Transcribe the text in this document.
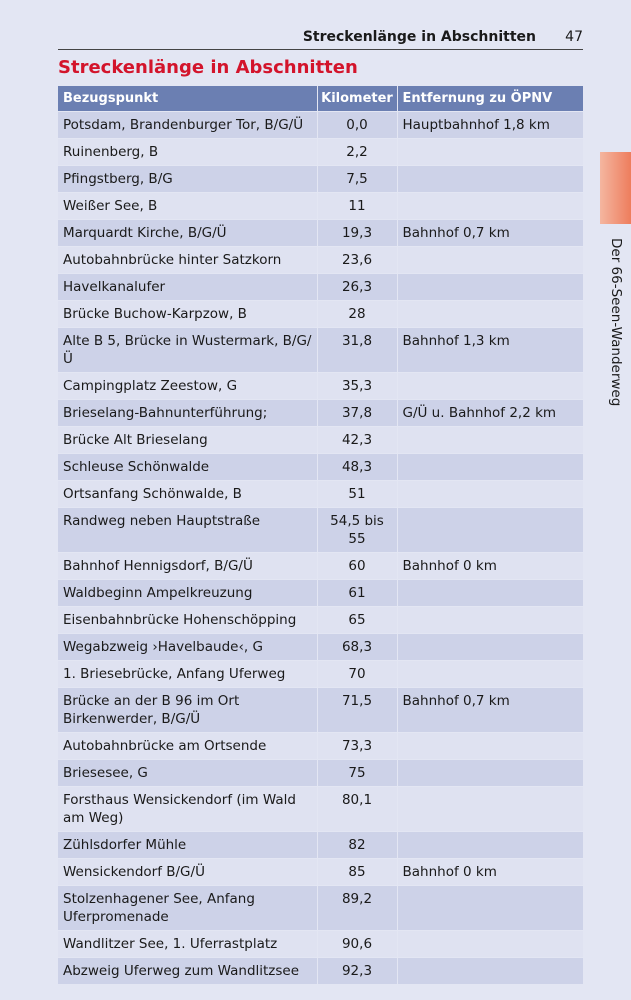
Streckenlänge in Abschnitten 47
Streckenlänge in Abschnitten
Bezugspunkt	Kilometer	Entfernung zu ÖPNV
Potsdam, Brandenburger Tor, B/G/Ü	0,0	Hauptbahnhof 1,8 km
Ruinenberg, B	2,2	
Pfingstberg, B/G	7,5	
Weißer See, B	11	
Marquardt Kirche, B/G/Ü	19,3	Bahnhof 0,7 km
Autobahnbrücke hinter Satzkorn	23,6	
Havelkanalufer	26,3	
Brücke Buchow-Karpzow, B	28	
Alte B 5, Brücke in Wustermark, B/G/Ü	31,8	Bahnhof 1,3 km
Campingplatz Zeestow, G	35,3	
Brieselang-Bahnunterführung;	37,8	G/Ü u. Bahnhof 2,2 km
Brücke Alt Brieselang	42,3	
Schleuse Schönwalde	48,3	
Ortsanfang Schönwalde, B	51	
Randweg neben Hauptstraße	54,5 bis 55	
Bahnhof Hennigsdorf, B/G/Ü	60	Bahnhof 0 km
Waldbeginn Ampelkreuzung	61	
Eisenbahnbrücke Hohenschöpping	65	
Wegabzweig ›Havelbaude‹, G	68,3	
1. Briesebrücke, Anfang Uferweg	70	
Brücke an der B 96 im Ort Birkenwerder, B/G/Ü	71,5	Bahnhof 0,7 km
Autobahnbrücke am Ortsende	73,3	
Briesesee, G	75	
Forsthaus Wensickendorf (im Wald am Weg)	80,1	
Zühlsdorfer Mühle	82	
Wensickendorf B/G/Ü	85	Bahnhof 0 km
Stolzenhagener See, Anfang Uferpromenade	89,2	
Wandlitzer See, 1. Uferrastplatz	90,6	
Abzweig Uferweg zum Wandlitzsee	92,3	
Der 66-Seen-Wanderweg
